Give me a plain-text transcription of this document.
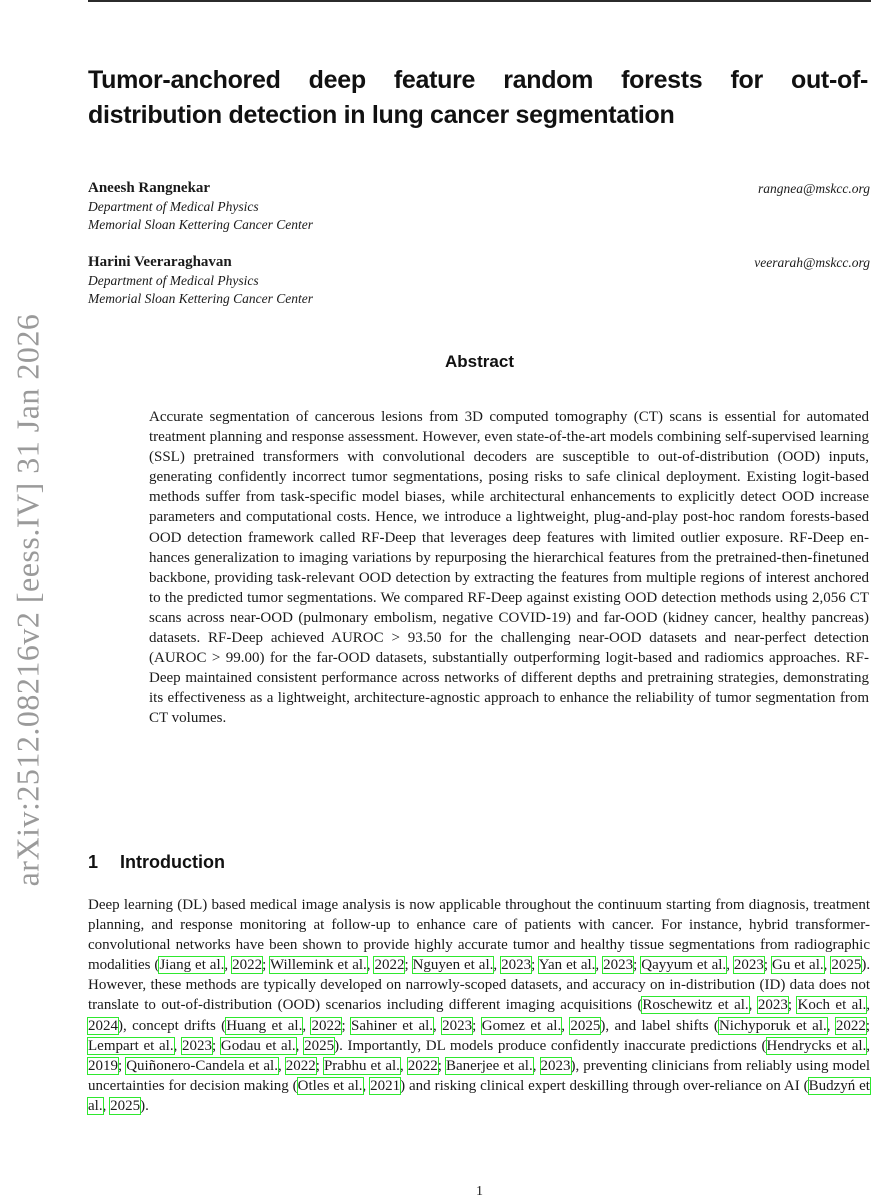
arXiv:2512.08216v2 [eess.IV] 31 Jan 2026
Tumor-anchored deep feature random forests for out-of-distribution detection in lung cancer segmentation
Aneesh Rangnekar	rangnea@mskcc.org
Department of Medical Physics
Memorial Sloan Kettering Cancer Center
Harini Veeraraghavan	veerarah@mskcc.org
Department of Medical Physics
Memorial Sloan Kettering Cancer Center
Abstract
Accurate segmentation of cancerous lesions from 3D computed tomography (CT) scans is essential for automated treatment planning and response assessment. However, even state-of-the-art models combining self-supervised learning (SSL) pretrained transformers with convolutional decoders are susceptible to out-of-distribution (OOD) inputs, generating confidently incorrect tumor segmentations, posing risks to safe clinical deployment. Existing logit-based methods suffer from task-specific model biases, while architectural enhancements to explicitly detect OOD increase parameters and computational costs. Hence, we introduce a lightweight, plug-and-play post-hoc random forests-based OOD detection framework called RF-Deep that leverages deep features with limited outlier exposure. RF-Deep enhances generalization to imaging variations by repurposing the hierarchical features from the pretrained-then-finetuned backbone, providing task-relevant OOD detection by extracting the features from multiple regions of interest anchored to the predicted tumor segmentations. We compared RF-Deep against existing OOD detection methods using 2,056 CT scans across near-OOD (pulmonary embolism, negative COVID-19) and far-OOD (kidney cancer, healthy pancreas) datasets. RF-Deep achieved AUROC > 93.50 for the challenging near-OOD datasets and near-perfect detection (AUROC > 99.00) for the far-OOD datasets, substantially outperforming logit-based and radiomics approaches. RF-Deep maintained consistent performance across networks of different depths and pretraining strategies, demonstrating its effectiveness as a lightweight, architecture-agnostic approach to enhance the reliability of tumor segmentation from CT volumes.
1 Introduction
Deep learning (DL) based medical image analysis is now applicable throughout the continuum starting from diagnosis, treatment planning, and response monitoring at follow-up to enhance care of patients with cancer. For instance, hybrid transformer-convolutional networks have been shown to provide highly accurate tumor and healthy tissue segmentations from radiographic modalities (Jiang et al., 2022; Willemink et al., 2022; Nguyen et al., 2023; Yan et al., 2023; Qayyum et al., 2023; Gu et al., 2025). However, these methods are typically developed on narrowly-scoped datasets, and accuracy on in-distribution (ID) data does not translate to out-of-distribution (OOD) scenarios including different imaging acquisitions (Roschewitz et al., 2023; Koch et al., 2024), concept drifts (Huang et al., 2022; Sahiner et al., 2023; Gomez et al., 2025), and label shifts (Nichyporuk et al., 2022; Lempart et al., 2023; Godau et al., 2025). Importantly, DL models produce confidently inaccurate predictions (Hendrycks et al., 2019; Quiñonero-Candela et al., 2022; Prabhu et al., 2022; Banerjee et al., 2023), preventing clinicians from reliably using model uncertainties for decision making (Otles et al., 2021) and risking clinical expert deskilling through over-reliance on AI (Budzyń et al., 2025).
1
